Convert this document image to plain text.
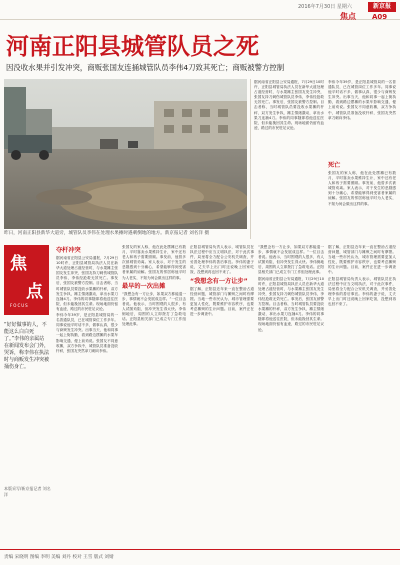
2016年7月30日 星期六	新京报
焦点 A09
河南正阳县城管队员之死
因没收水果并引发冲突，商贩张国友连捅城管队员李伟4刀致其死亡；商贩被警方控制
昨日，河南正阳县新华大道旁，城管队员李伟在处理水果摊时遇刺倒地的地方。新京报记者 刘名洋 摄

据河南省正阳县公安局通报，7月29日10时许，正阳县城管局执法人员在新华大道处理占道经营时，与水果摊主张国友发生冲突，张国友持刀刺伤城管队员李伟，李伟经抢救无效死亡。事发后，张国友被警方控制。目击者称，当时城管队员要没收水果摊的杆秤，双方发生争执，摊主情绪激动，拿出水果刀连捅4刀。李伟的同事随即将他送往医院，但未能挽回其生命。现场地面仍留有血迹，路过的市民驻足议论。

李伟今年39岁，是正阳县城管局的一名普通队员，已在城管岗位工作多年。同事说他平时话不多，做事认真，很少与商贩发生冲突。出事当天，他和同事一起上街执勤，看到路边摆摊的水果车影响交通，便上前劝说。张国友不同意收摊，双方争执中，城管队员准备没收杆秤，张国友突然拿刀刺向李伟。

死亡

张国友的家人称，他在此处摆摊已有数月，平时靠卖水果维持生计，家中还有老人和孩子需要照顾。事发前，他曾多次被城管劝离。家人表示，对于发生的悲剧感到十分痛心，希望能够得到受害者家属的谅解。张国友的邻居称他平时为人老实，不知为何会做出这样的事。

焦
点
FOCUS
“好好做事的人，不能这么白白死了。”李伟的亲属站在新闻发布会门外，哭诉，称李伟在执法时与商贩发生冲突被捅伤身亡。
本版采写/新京报记者 刘名洋
夺杆冲突

据河南省正阳县公安局通报，7月29日10时许，正阳县城管局执法人员在新华大道处理占道经营时，与水果摊主张国友发生冲突，张国友持刀刺伤城管队员李伟，李伟经抢救无效死亡。事发后，张国友被警方控制。目击者称，当时城管队员要没收水果摊的杆秤，双方发生争执，摊主情绪激动，拿出水果刀连捅4刀。李伟的同事随即将他送往医院，但未能挽回其生命。现场地面仍留有血迹，路过的市民驻足议论。

李伟今年39岁，是正阳县城管局的一名普通队员，已在城管岗位工作多年。同事说他平时话不多，做事认真，很少与商贩发生冲突。出事当天，他和同事一起上街执勤，看到路边摆摊的水果车影响交通，便上前劝说。张国友不同意收摊，双方争执中，城管队员准备没收杆秤，张国友突然拿刀刺向李伟。

张国友的家人称，他在此处摆摊已有数月，平时靠卖水果维持生计，家中还有老人和孩子需要照顾。事发前，他曾多次被城管劝离。家人表示，对于发生的悲剧感到十分痛心，希望能够得到受害者家属的谅解。张国友的邻居称他平时为人老实，不知为何会做出这样的事。

最早的一次出摊

“我想念有一方让步，如果双方都能退一步，事情就不会发展成这样。”一位目击者说。他表示，当时围观的人很多，有人试图劝阻，但冲突发生得太快。李伟倒地后，周围的人立即拨打了急救电话。正阳县相关部门已成立专门工作组处理此事。

正阳县城管局负责人表示，城管队员在执法过程中应当文明执法，对于此次事件，局里将全力配合公安机关调查，并妥善处理李伟的善后事宜。李伟的妻子说，丈夫早上出门时还说晚上回家吃饭，没想到再也回不来了。

“我想念有一方让步”

据了解，正阳县近年来一直在整治占道经营问题，城管部门与摊贩之间时有摩擦。当地一些市民认为，城市管理需要更加人性化，既要维护市容秩序，也要考虑摊贩的生计问题。目前，案件正在进一步调查中。

“我想念有一方让步，如果双方都能退一步，事情就不会发展成这样。”一位目击者说。他表示，当时围观的人很多，有人试图劝阻，但冲突发生得太快。李伟倒地后，周围的人立即拨打了急救电话。正阳县相关部门已成立专门工作组处理此事。

据河南省正阳县公安局通报，7月29日10时许，正阳县城管局执法人员在新华大道处理占道经营时，与水果摊主张国友发生冲突，张国友持刀刺伤城管队员李伟，李伟经抢救无效死亡。事发后，张国友被警方控制。目击者称，当时城管队员要没收水果摊的杆秤，双方发生争执，摊主情绪激动，拿出水果刀连捅4刀。李伟的同事随即将他送往医院，但未能挽回其生命。现场地面仍留有血迹，路过的市民驻足议论。

据了解，正阳县近年来一直在整治占道经营问题，城管部门与摊贩之间时有摩擦。当地一些市民认为，城市管理需要更加人性化，既要维护市容秩序，也要考虑摊贩的生计问题。目前，案件正在进一步调查中。

正阳县城管局负责人表示，城管队员在执法过程中应当文明执法，对于此次事件，局里将全力配合公安机关调查，并妥善处理李伟的善后事宜。李伟的妻子说，丈夫早上出门时还说晚上回家吃饭，没想到再也回不来了。

责编 宋晓明 图编 李明 美编 刘丹 校对 王雪 版式 刘婧
